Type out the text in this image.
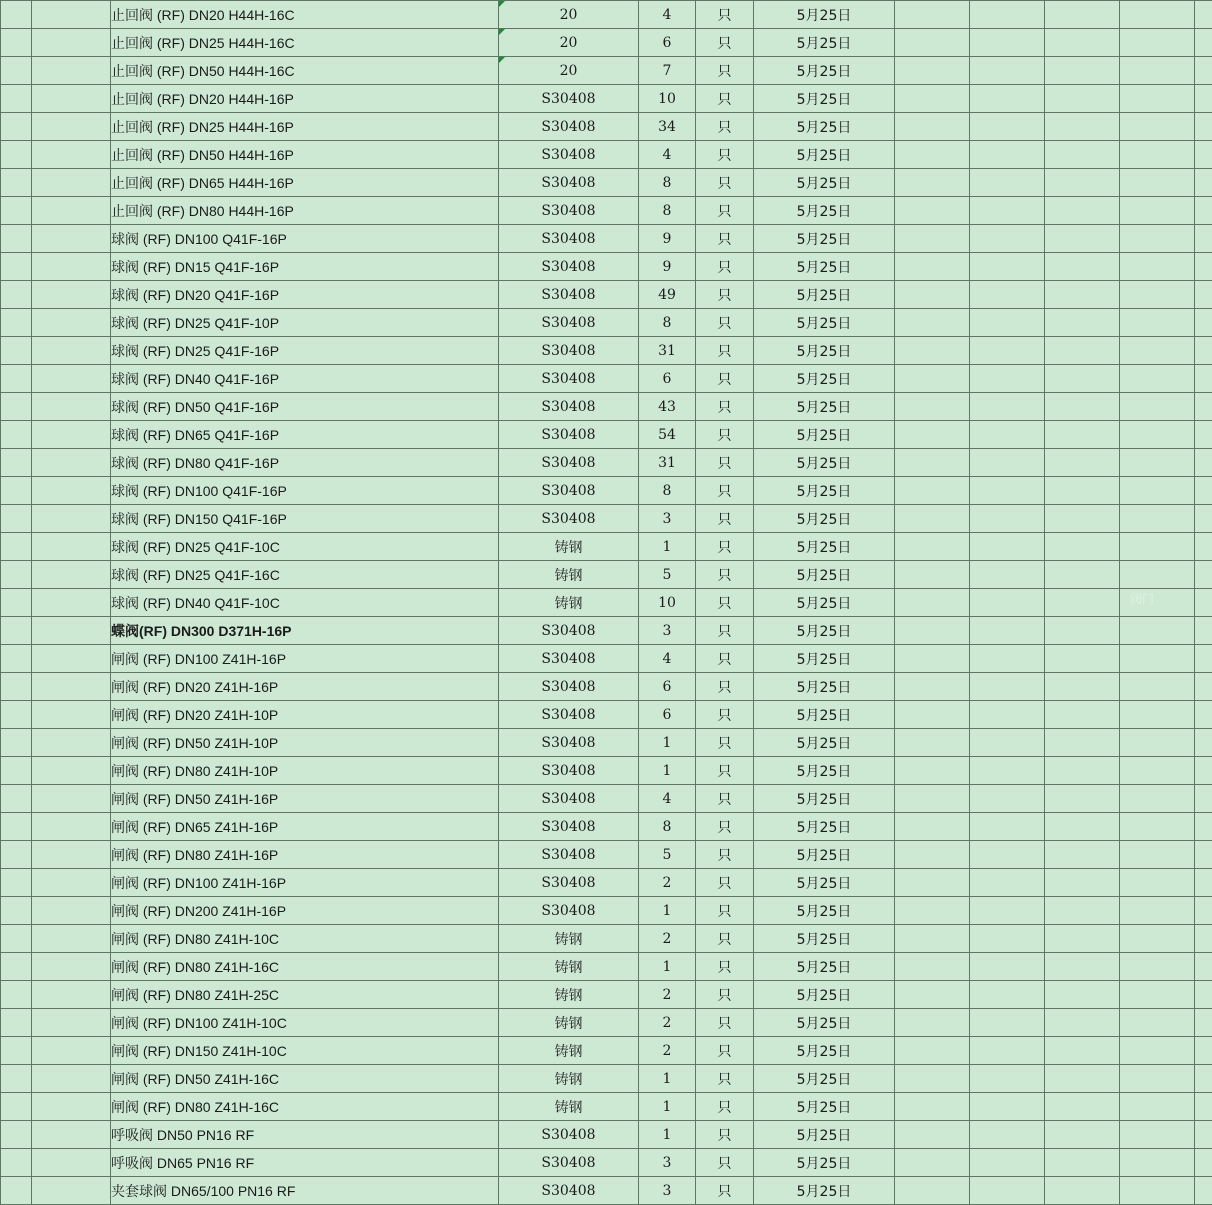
		止回阀 (RF) DN20 H44H-16C	20	4	只	5月25日					
		止回阀 (RF) DN25 H44H-16C	20	6	只	5月25日					
		止回阀 (RF) DN50 H44H-16C	20	7	只	5月25日					
		止回阀 (RF) DN20 H44H-16P	S30408	10	只	5月25日					
		止回阀 (RF) DN25 H44H-16P	S30408	34	只	5月25日					
		止回阀 (RF) DN50 H44H-16P	S30408	4	只	5月25日					
		止回阀 (RF) DN65 H44H-16P	S30408	8	只	5月25日					
		止回阀 (RF) DN80 H44H-16P	S30408	8	只	5月25日					
		球阀 (RF) DN100 Q41F-16P	S30408	9	只	5月25日					
		球阀 (RF) DN15 Q41F-16P	S30408	9	只	5月25日					
		球阀 (RF) DN20 Q41F-16P	S30408	49	只	5月25日					
		球阀 (RF) DN25 Q41F-10P	S30408	8	只	5月25日					
		球阀 (RF) DN25 Q41F-16P	S30408	31	只	5月25日					
		球阀 (RF) DN40 Q41F-16P	S30408	6	只	5月25日					
		球阀 (RF) DN50 Q41F-16P	S30408	43	只	5月25日					
		球阀 (RF) DN65 Q41F-16P	S30408	54	只	5月25日					
		球阀 (RF) DN80 Q41F-16P	S30408	31	只	5月25日					
		球阀 (RF) DN100 Q41F-16P	S30408	8	只	5月25日					
		球阀 (RF) DN150 Q41F-16P	S30408	3	只	5月25日					
		球阀 (RF) DN25 Q41F-10C	铸钢	1	只	5月25日					
		球阀 (RF) DN25 Q41F-16C	铸钢	5	只	5月25日					
		球阀 (RF) DN40 Q41F-10C	铸钢	10	只	5月25日					
		蝶阀(RF) DN300 D371H-16P	S30408	3	只	5月25日					
		闸阀 (RF) DN100 Z41H-16P	S30408	4	只	5月25日					
		闸阀 (RF) DN20 Z41H-16P	S30408	6	只	5月25日					
		闸阀 (RF) DN20 Z41H-10P	S30408	6	只	5月25日					
		闸阀 (RF) DN50 Z41H-10P	S30408	1	只	5月25日					
		闸阀 (RF) DN80 Z41H-10P	S30408	1	只	5月25日					
		闸阀 (RF) DN50 Z41H-16P	S30408	4	只	5月25日					
		闸阀 (RF) DN65 Z41H-16P	S30408	8	只	5月25日					
		闸阀 (RF) DN80 Z41H-16P	S30408	5	只	5月25日					
		闸阀 (RF) DN100 Z41H-16P	S30408	2	只	5月25日					
		闸阀 (RF) DN200 Z41H-16P	S30408	1	只	5月25日					
		闸阀 (RF) DN80 Z41H-10C	铸钢	2	只	5月25日					
		闸阀 (RF) DN80 Z41H-16C	铸钢	1	只	5月25日					
		闸阀 (RF) DN80 Z41H-25C	铸钢	2	只	5月25日					
		闸阀 (RF) DN100 Z41H-10C	铸钢	2	只	5月25日					
		闸阀 (RF) DN150 Z41H-10C	铸钢	2	只	5月25日					
		闸阀 (RF) DN50 Z41H-16C	铸钢	1	只	5月25日					
		闸阀 (RF) DN80 Z41H-16C	铸钢	1	只	5月25日					
		呼吸阀 DN50 PN16 RF	S30408	1	只	5月25日					
		呼吸阀 DN65 PN16 RF	S30408	3	只	5月25日					
		夹套球阀 DN65/100 PN16 RF	S30408	3	只	5月25日					
阀门
